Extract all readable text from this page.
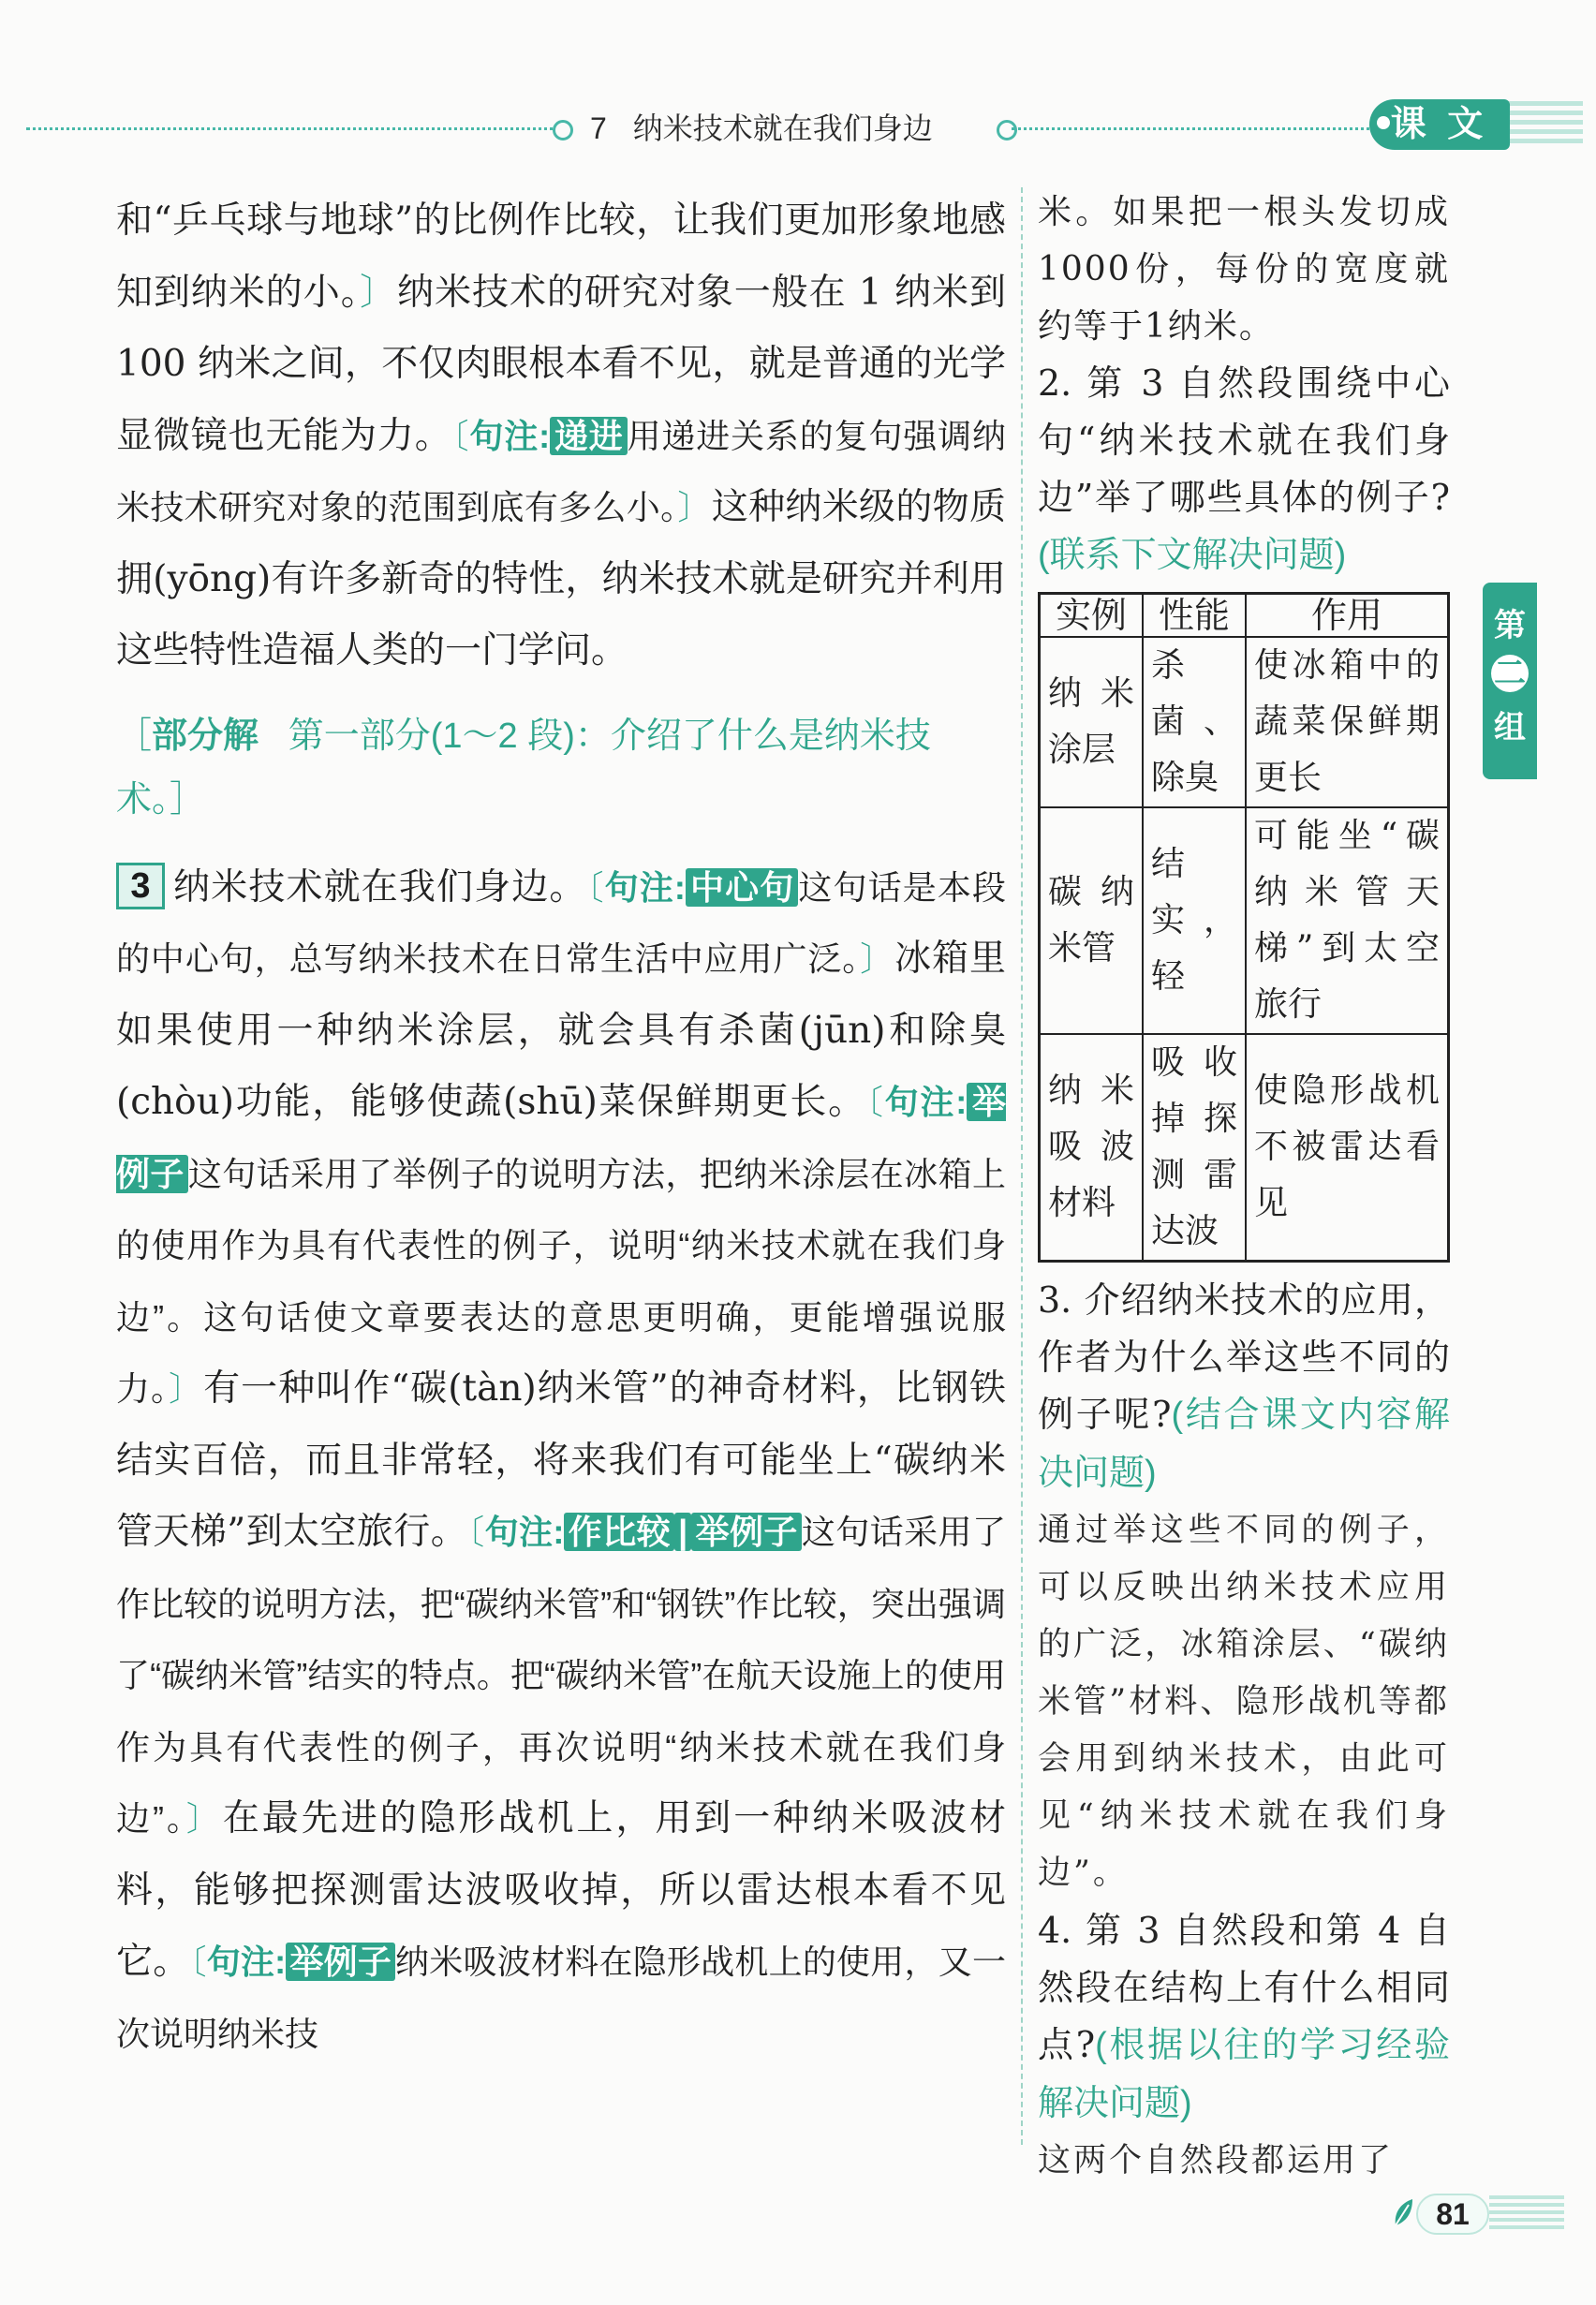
7 纳米技术就在我们身边	课 文

和“乒乓球与地球”的比例作比较，让我们更加形象地感知到纳米的小。〕纳米技术的研究对象一般在 1 纳米到 100 纳米之间，不仅肉眼根本看不见，就是普通的光学显微镜也无能为力。〔句注: 递进 用递进关系的复句强调纳米技术研究对象的范围到底有多么小。〕这种纳米级的物质拥(yōng)有许多新奇的特性，纳米技术就是研究并利用这些特性造福人类的一门学问。

［部分解 第一部分(1～2 段)：介绍了什么是纳米技术。］

3 纳米技术就在我们身边。〔句注: 中心句 这句话是本段的中心句，总写纳米技术在日常生活中应用广泛。〕冰箱里如果使用一种纳米涂层，就会具有杀菌(jūn)和除臭(chòu)功能，能够使蔬(shū)菜保鲜期更长。〔句注: 举例子 这句话采用了举例子的说明方法，把纳米涂层在冰箱上的使用作为具有代表性的例子，说明“纳米技术就在我们身边”。这句话使文章要表达的意思更明确，更能增强说服力。〕有一种叫作“碳(tàn)纳米管”的神奇材料，比钢铁结实百倍，而且非常轻，将来我们有可能坐上“碳纳米管天梯”到太空旅行。〔句注: 作比较 | 举例子 这句话采用了作比较的说明方法，把“碳纳米管”和“钢铁”作比较，突出强调了“碳纳米管”结实的特点。把“碳纳米管”在航天设施上的使用作为具有代表性的例子，再次说明“纳米技术就在我们身边”。〕在最先进的隐形战机上，用到一种纳米吸波材料，能够把探测雷达波吸收掉，所以雷达根本看不见它。〔句注: 举例子 纳米吸波材料在隐形战机上的使用，又一次说明纳米技

米。如果把一根头发切成1000份，每份的宽度就约等于1纳米。

2. 第 3 自然段围绕中心句“纳米技术就在我们身边”举了哪些具体的例子?(联系下文解决问题)

实例	性能	作用
纳米涂层	杀菌、除臭	使冰箱中的蔬菜保鲜期更长
碳纳米管	结实，轻	可能坐“碳纳米管天梯”到太空旅行
纳米吸波材料	吸收掉探测雷达波	使隐形战机不被雷达看见

3. 介绍纳米技术的应用，作者为什么举这些不同的例子呢?(结合课文内容解决问题)

通过举这些不同的例子，可以反映出纳米技术应用的广泛，冰箱涂层、“碳纳米管”材料、隐形战机等都会用到纳米技术，由此可见“纳米技术就在我们身边”。

4. 第 3 自然段和第 4 自然段在结构上有什么相同点?(根据以往的学习经验解决问题)

这两个自然段都运用了

第
二
组
81
